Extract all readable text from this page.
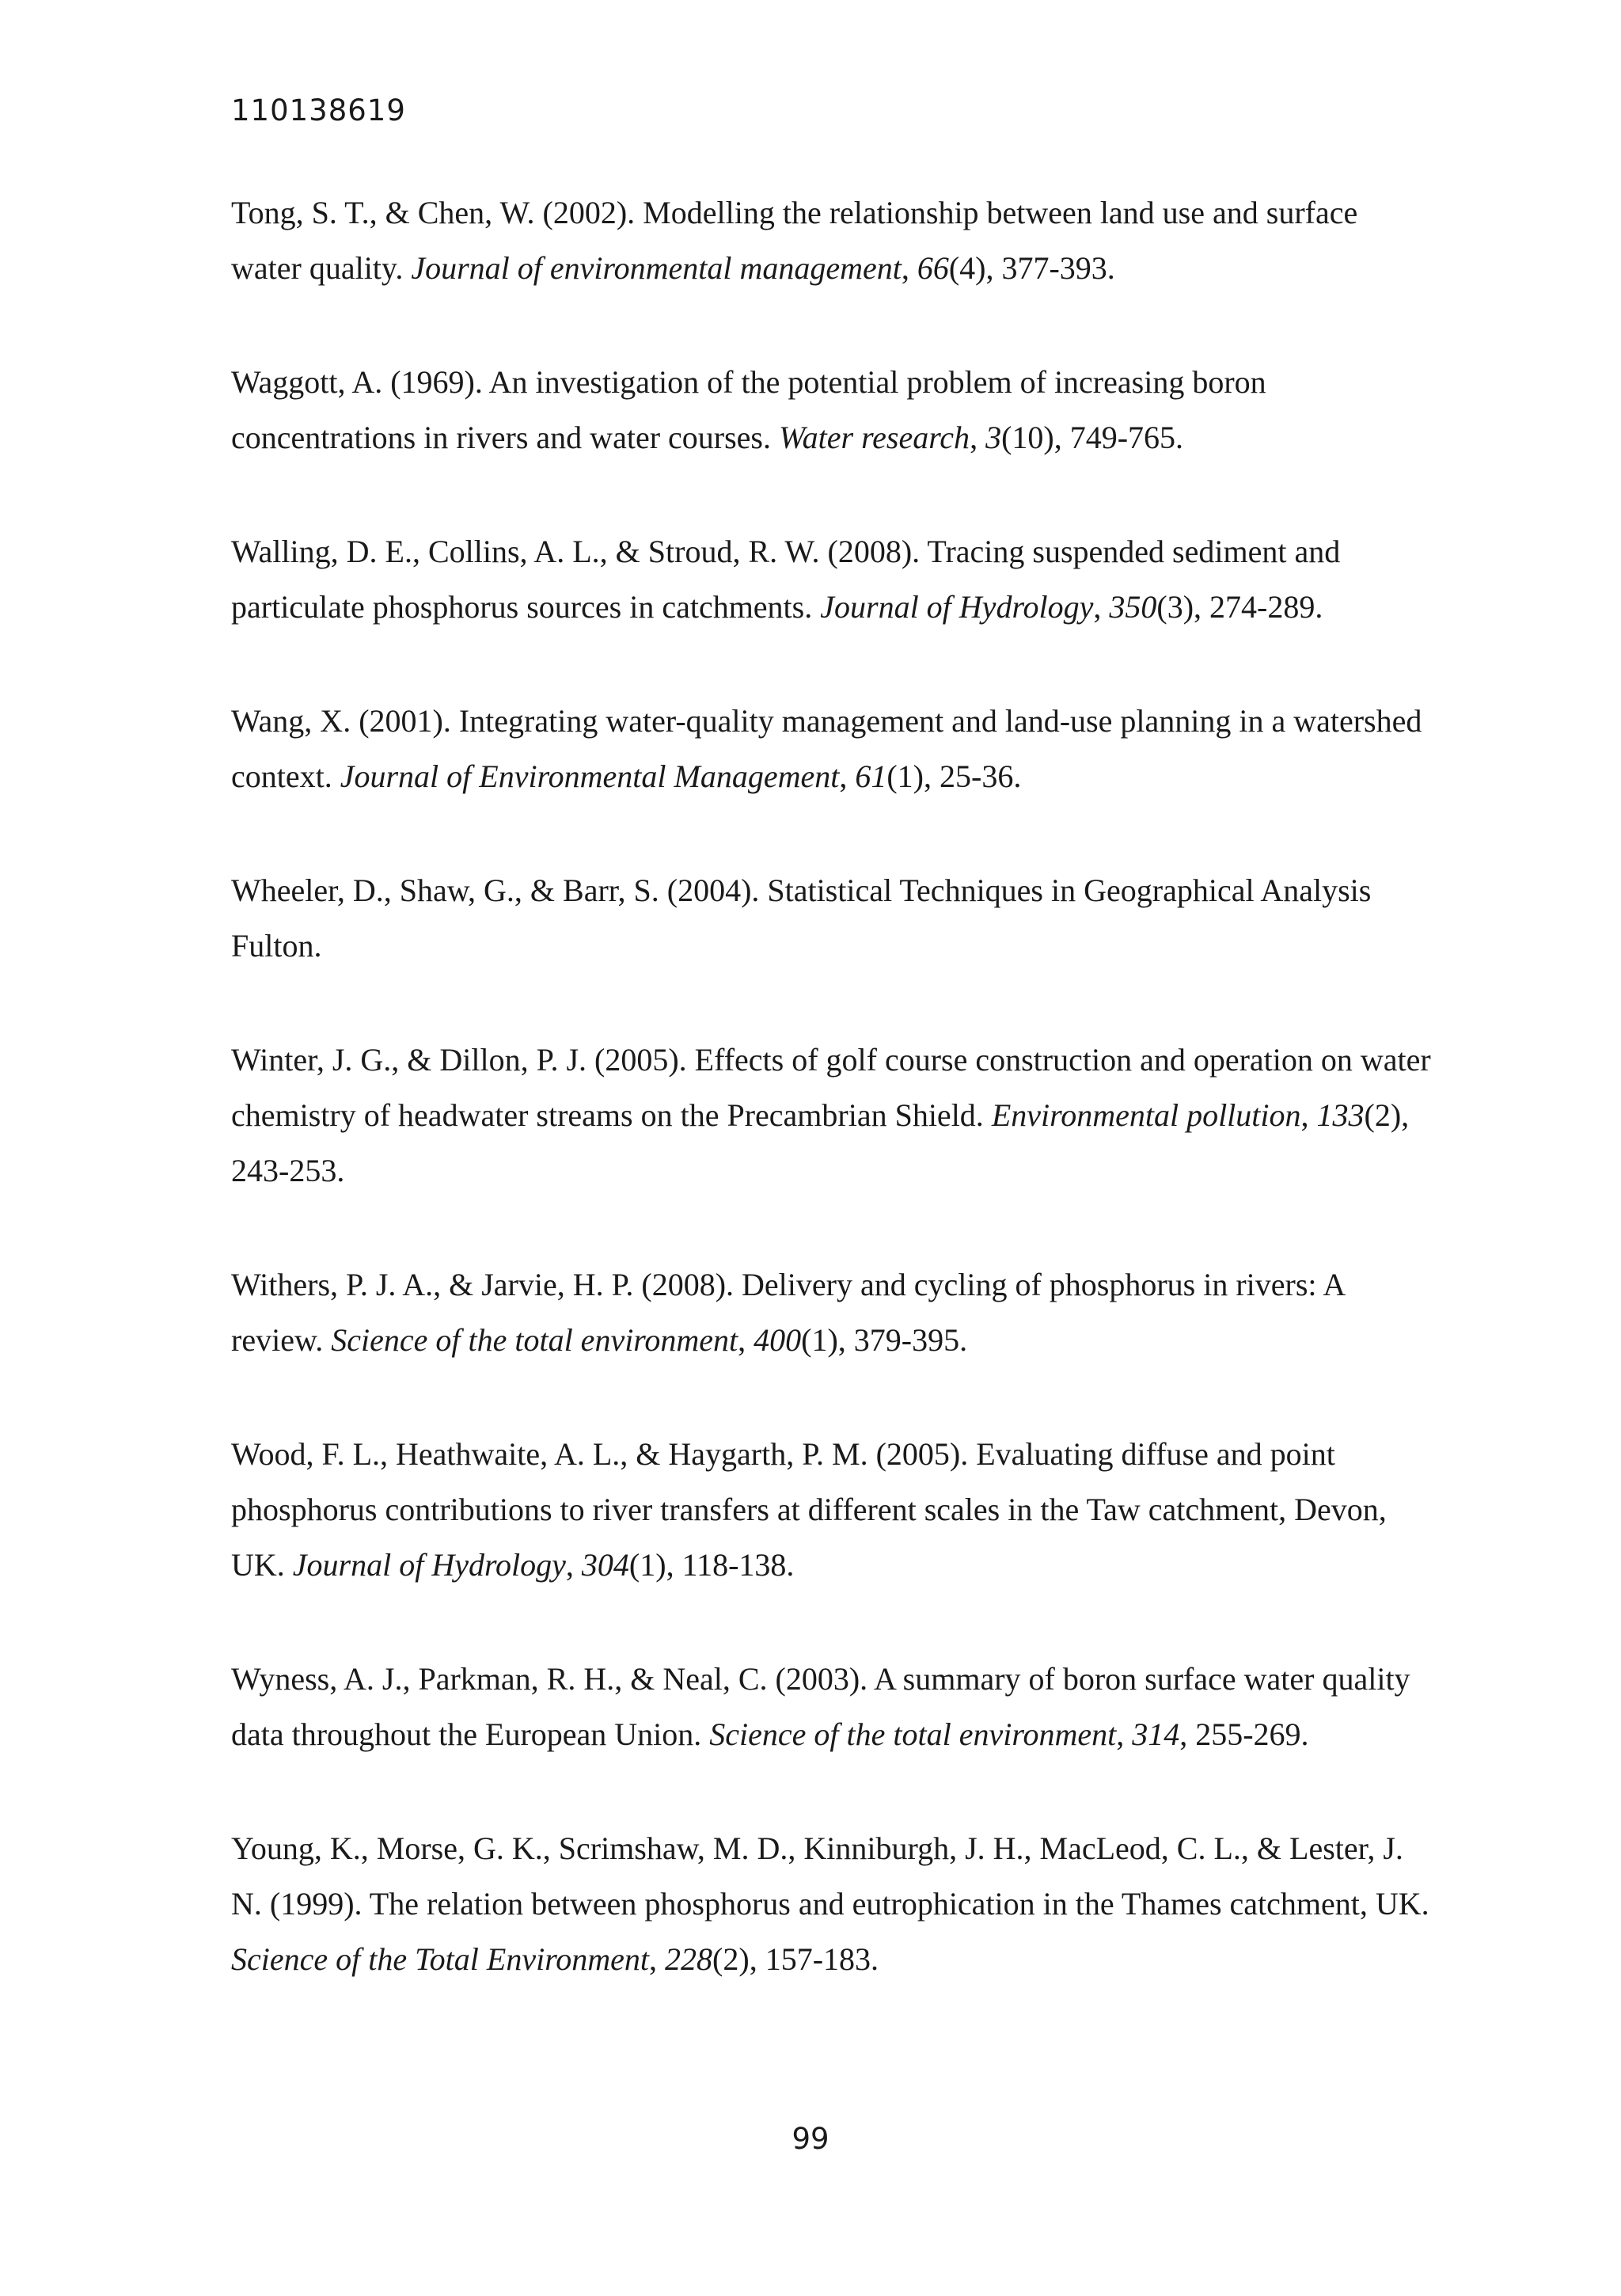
110138619

Tong, S. T., & Chen, W. (2002). Modelling the relationship between land use and surface water quality. Journal of environmental management, 66(4), 377-393.

Waggott, A. (1969). An investigation of the potential problem of increasing boron concentrations in rivers and water courses. Water research, 3(10), 749-765.

Walling, D. E., Collins, A. L., & Stroud, R. W. (2008). Tracing suspended sediment and particulate phosphorus sources in catchments. Journal of Hydrology, 350(3), 274-289.

Wang, X. (2001). Integrating water-quality management and land-use planning in a watershed context. Journal of Environmental Management, 61(1), 25-36.

Wheeler, D., Shaw, G., & Barr, S. (2004). Statistical Techniques in Geographical Analysis Fulton.

Winter, J. G., & Dillon, P. J. (2005). Effects of golf course construction and operation on water chemistry of headwater streams on the Precambrian Shield. Environmental pollution, 133(2), 243-253.

Withers, P. J. A., & Jarvie, H. P. (2008). Delivery and cycling of phosphorus in rivers: A review. Science of the total environment, 400(1), 379-395.

Wood, F. L., Heathwaite, A. L., & Haygarth, P. M. (2005). Evaluating diffuse and point phosphorus contributions to river transfers at different scales in the Taw catchment, Devon, UK. Journal of Hydrology, 304(1), 118-138.

Wyness, A. J., Parkman, R. H., & Neal, C. (2003). A summary of boron surface water quality data throughout the European Union. Science of the total environment, 314, 255-269.

Young, K., Morse, G. K., Scrimshaw, M. D., Kinniburgh, J. H., MacLeod, C. L., & Lester, J. N. (1999). The relation between phosphorus and eutrophication in the Thames catchment, UK. Science of the Total Environment, 228(2), 157-183.

99
